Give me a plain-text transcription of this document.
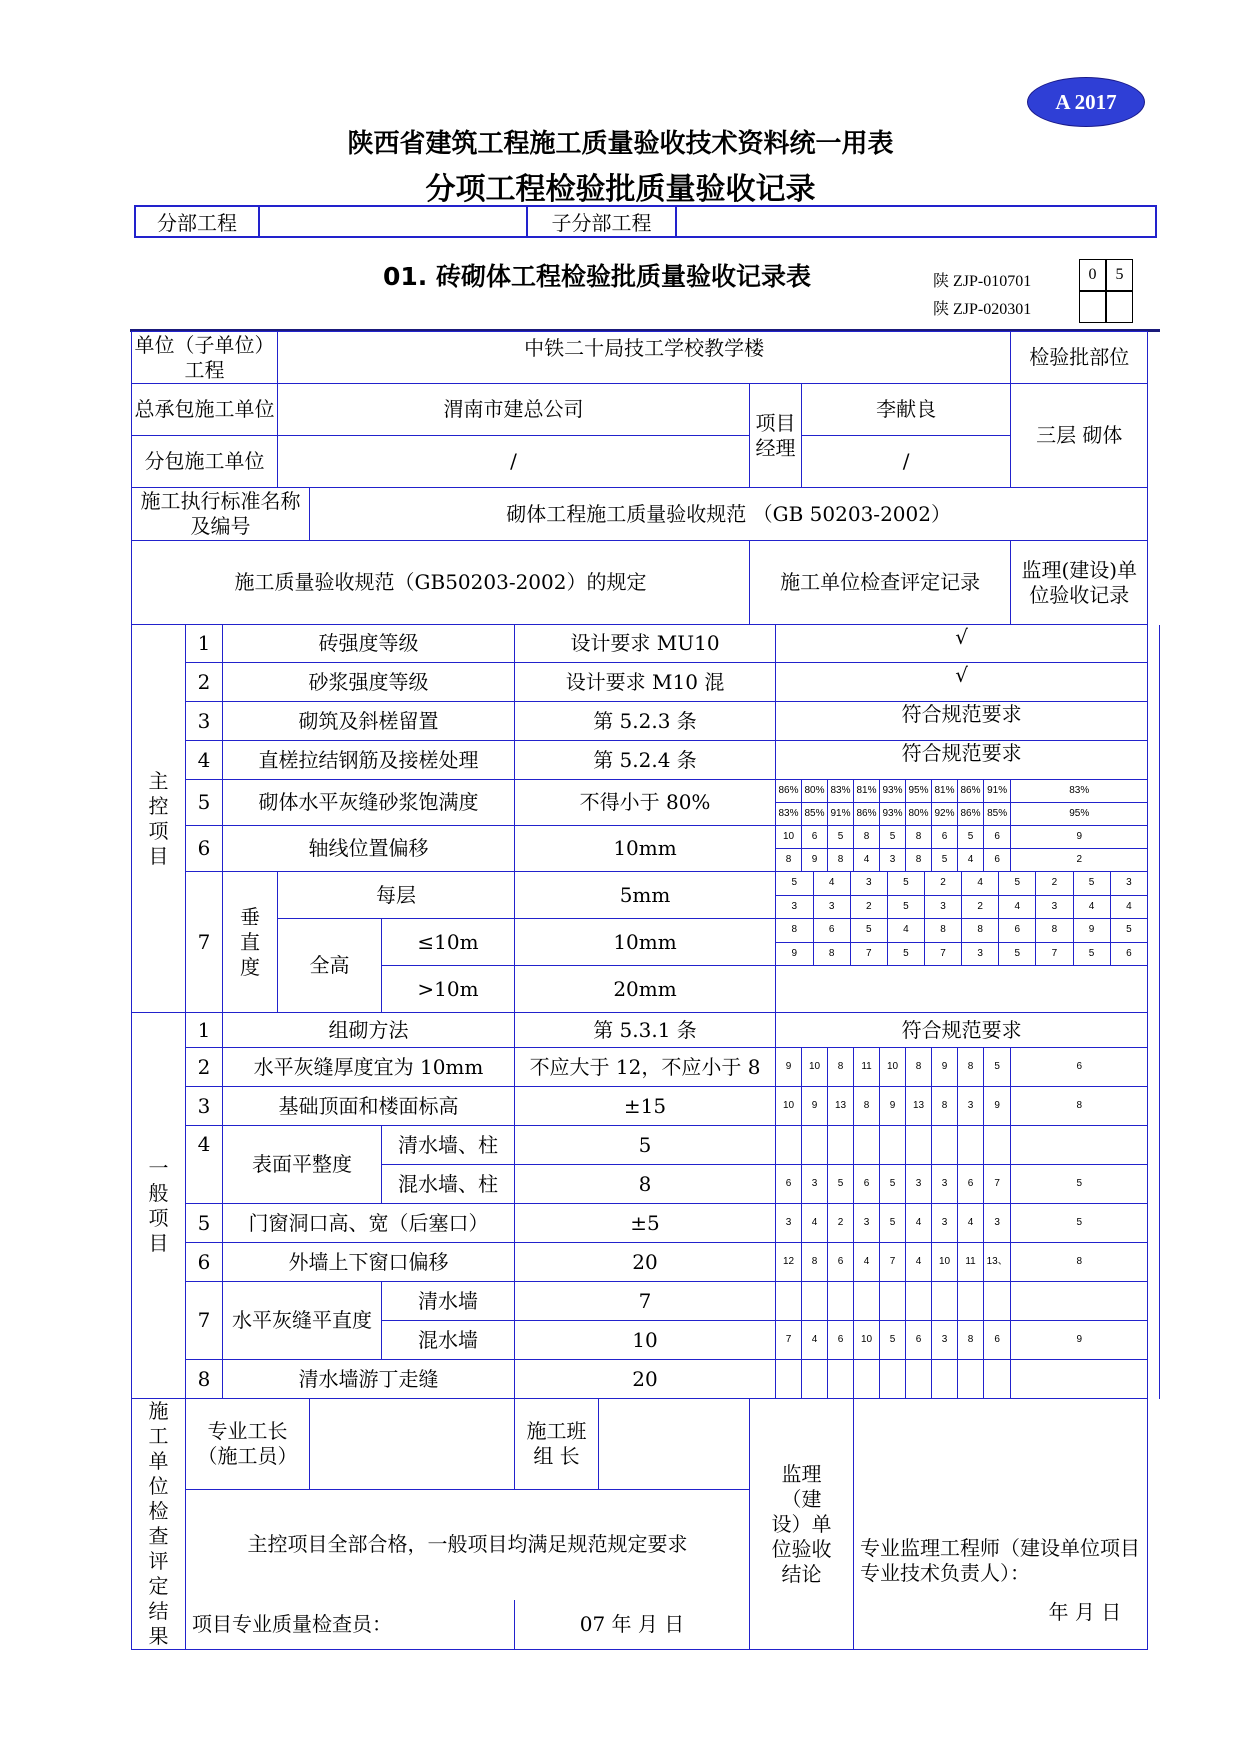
A 2017
陕西省建筑工程施工质量验收技术资料统一用表
分项工程检验批质量验收记录
分部工程	子分部工程
01. 砖砌体工程检验批质量验收记录表	陕 ZJP-010701
陕 ZJP-020301
0	5
单位（子单位）工程	中铁二十局技工学校教学楼	检验批部位
总承包施工单位	渭南市建总公司	项目经理	李献良	三层 砌体
分包施工单位	/	/
施工执行标准名称及编号	砌体工程施工质量验收规范 （GB 50203-2002）
施工质量验收规范（GB50203-2002）的规定	施工单位检查评定记录	监理(建设)单位验收记录
主控项目	1	砖强度等级	设计要求 MU10	√	
2	砂浆强度等级	设计要求 M10 混	√
3	砌筑及斜槎留置	第 5.2.3 条	符合规范要求
4	直槎拉结钢筋及接槎处理	第 5.2.4 条	符合规范要求
5	砌体水平灰缝砂浆饱满度	不得小于 80%	86%	80%	83%	81%	93%	95%	81%	86%	91%	83%
83%	85%	91%	86%	93%	80%	92%	86%	85%	95%
6	轴线位置偏移	10mm	10	6	5	8	5	8	6	5	6	9
8	9	8	4	3	8	5	4	6	2
7	垂直度	每层	5mm		5	4	3	5	2	4	5	2	5	3
3	3	2	5	3	2	4	3	4	4

全高	≤10m	10mm		8	6	5	4	8	8	6	8	9	5
9	8	7	5	7	3	5	7	5	6

>10m	20mm	
一般项目	1	组砌方法	第 5.3.1 条	符合规范要求	
2	水平灰缝厚度宜为 10mm	不应大于 12，不应小于 8	9	10	8	11	10	8	9	8	5	6
3	基础顶面和楼面标高	±15	10	9	13	8	9	13	8	3	9	8
4	表面平整度	清水墙、柱	5										
混水墙、柱	8	6	3	5	6	5	3	3	6	7	5
5	门窗洞口高、宽（后塞口）	±5	3	4	2	3	5	4	3	4	3	5
6	外墙上下窗口偏移	20	12	8	6	4	7	4	10	11	13、	8
7	水平灰缝平直度	清水墙	7										
混水墙	10	7	4	6	10	5	6	3	8	6	9
8	清水墙游丁走缝	20										
施工单位检查评定结果	专业工长（施工员）		施工班组 长		监理（建设）单位验收结论	专业监理工程师（建设单位项目专业技术负责人）：
主控项目全部合格，一般项目均满足规范规定要求
项目专业质量检查员：	07 年 月 日	年 月 日
